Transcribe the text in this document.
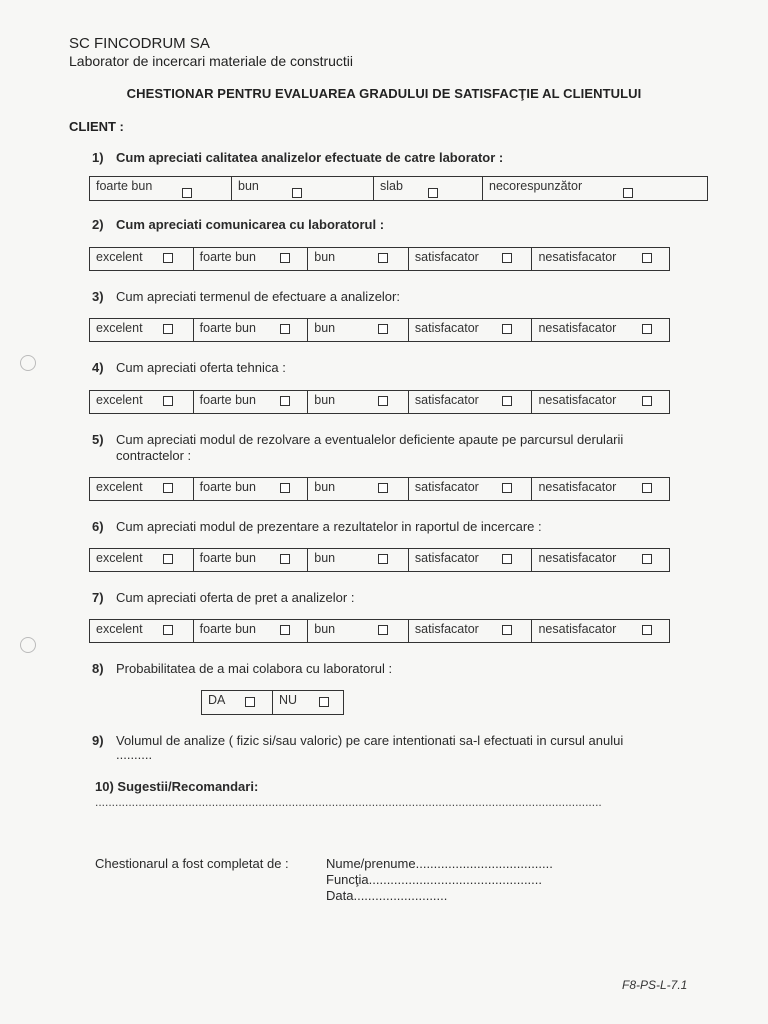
SC FINCODRUM SA
Laborator de incercari materiale de constructii
CHESTIONAR PENTRU EVALUAREA GRADULUI DE SATISFACŢIE AL CLIENTULUI
CLIENT :
1) Cum apreciati calitatea analizelor efectuate de catre laborator :
foarte bun	bun	slab	necorespunzător
2) Cum apreciati comunicarea cu laboratorul :
excelent	foarte bun	bun	satisfacator	nesatisfacator
3) Cum apreciati termenul de efectuare a analizelor:
excelent	foarte bun	bun	satisfacator	nesatisfacator
4) Cum apreciati oferta tehnica :
excelent	foarte bun	bun	satisfacator	nesatisfacator
5) Cum apreciati modul de rezolvare a eventualelor deficiente apaute pe parcursul derularii
contractelor :
excelent	foarte bun	bun	satisfacator	nesatisfacator
6) Cum apreciati modul de prezentare a rezultatelor in raportul de incercare :
excelent	foarte bun	bun	satisfacator	nesatisfacator
7) Cum apreciati oferta de pret a analizelor :
excelent	foarte bun	bun	satisfacator	nesatisfacator
8) Probabilitatea de a mai colabora cu laboratorul :
DA	NU
9) Volumul de analize ( fizic si/sau valoric) pe care intentionati sa-l efectuati in cursul anului
..........
10) Sugestii/Recomandari:
........................................................................................................................................................
Chestionarul a fost completat de :	Nume/prenume......................................
Funcţia................................................
Data..........................
F8-PS-L-7.1
